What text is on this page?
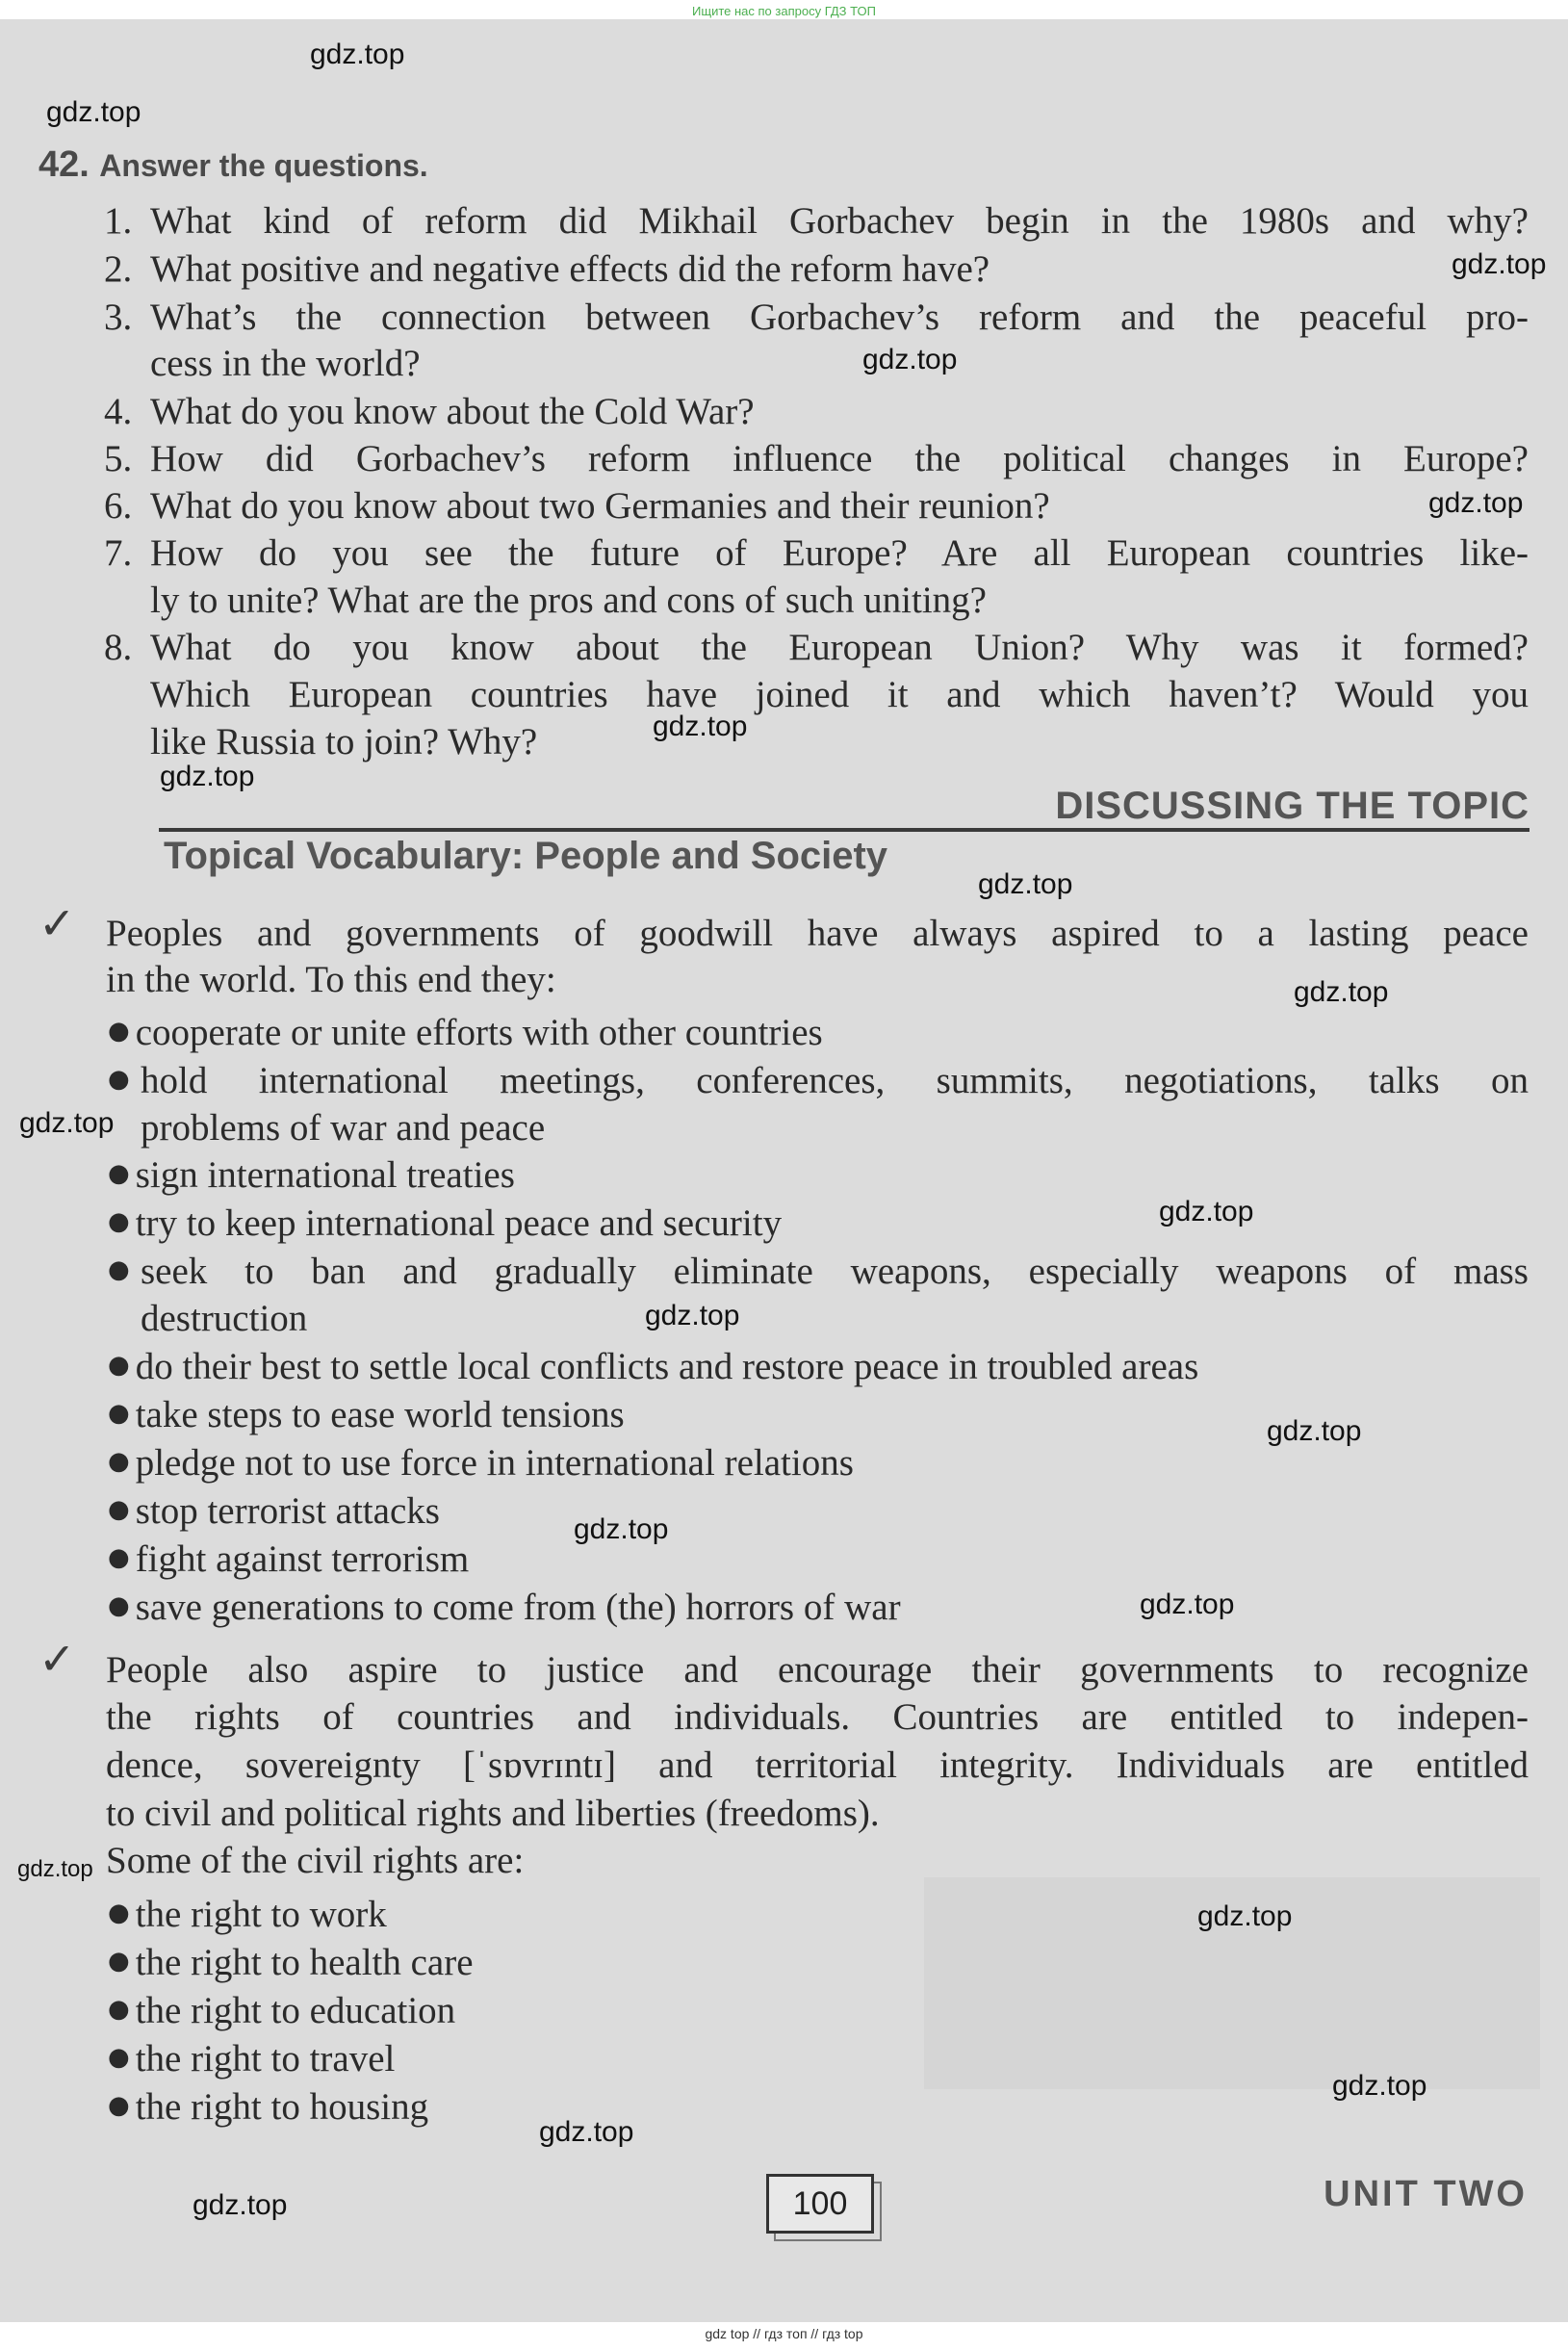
Ищите нас по запросу ГДЗ ТОП
42. Answer the questions.
1. What kind of reform did Mikhail Gorbachev begin in the 1980s and why?
2. What positive and negative effects did the reform have?
3. What’s the connection between Gorbachev’s reform and the peaceful pro-
cess in the world?
4. What do you know about the Cold War?
5. How did Gorbachev’s reform influence the political changes in Europe?
6. What do you know about two Germanies and their reunion?
7. How do you see the future of Europe? Are all European countries like-
ly to unite? What are the pros and cons of such uniting?
8. What do you know about the European Union? Why was it formed?
Which European countries have joined it and which haven’t? Would you
like Russia to join? Why?
DISCUSSING THE TOPIC
Topical Vocabulary: People and Society
✓ Peoples and governments of goodwill have always aspired to a lasting peace
in the world. To this end they:
● cooperate or unite efforts with other countries
● hold international meetings, conferences, summits, negotiations, talks on
problems of war and peace
● sign international treaties
● try to keep international peace and security
● seek to ban and gradually eliminate weapons, especially weapons of mass
destruction
● do their best to settle local conflicts and restore peace in troubled areas
● take steps to ease world tensions
● pledge not to use force in international relations
● stop terrorist attacks
● fight against terrorism
● save generations to come from (the) horrors of war
✓ People also aspire to justice and encourage their governments to recognize
the rights of countries and individuals. Countries are entitled to indepen-
dence, sovereignty [ˈsɒvrɪntɪ] and territorial integrity. Individuals are entitled
to civil and political rights and liberties (freedoms).
Some of the civil rights are:
● the right to work
● the right to health care
● the right to education
● the right to travel
● the right to housing
100	UNIT TWO
gdz.top
gdz.top
gdz.top
gdz.top
gdz.top
gdz.top
gdz.top
gdz.top
gdz.top
gdz.top
gdz.top
gdz.top
gdz.top
gdz.top
gdz.top
gdz.top
gdz.top
gdz.top
gdz.top
gdz.top
gdz top // гдз топ // гдз top
